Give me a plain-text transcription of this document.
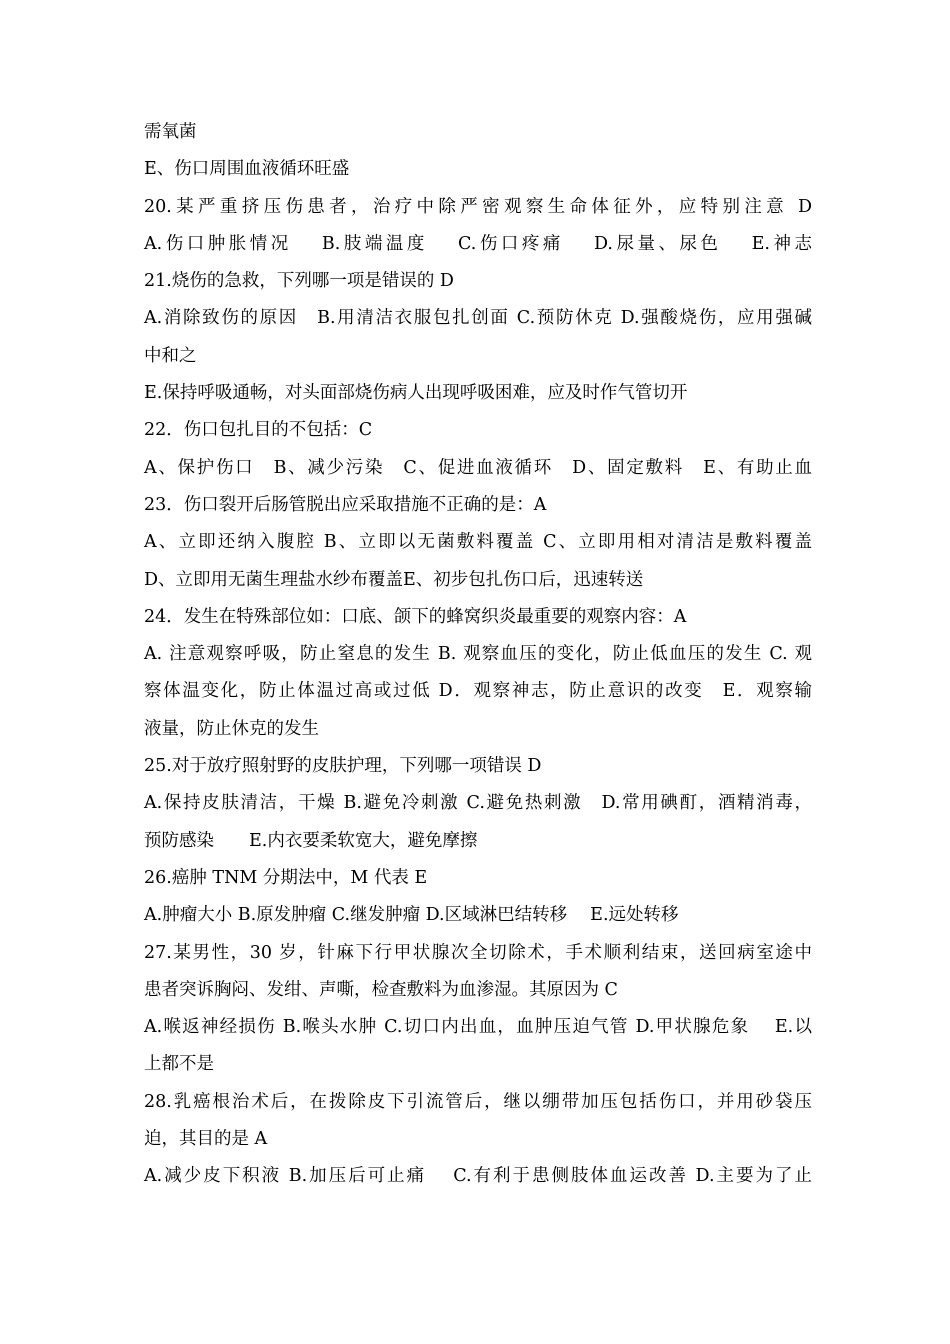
需氧菌
E、伤口周围血液循环旺盛
20.某严重挤压伤患者，治疗中除严密观察生命体征外，应特别注意 D
A.伤口肿胀情况　 B.肢端温度　 C.伤口疼痛　 D.尿量、尿色　 E.神志
21.烧伤的急救，下列哪一项是错误的 D
A.消除致伤的原因　B.用清洁衣服包扎创面 C.预防休克 D.强酸烧伤，应用强碱
中和之
E.保持呼吸通畅，对头面部烧伤病人出现呼吸困难，应及时作气管切开
22．伤口包扎目的不包括：C
A、保护伤口　B、减少污染　C、促进血液循环　D、固定敷料　E、有助止血
23．伤口裂开后肠管脱出应采取措施不正确的是：A
A、立即还纳入腹腔 B、立即以无菌敷料覆盖 C、立即用相对清洁是敷料覆盖
D、立即用无菌生理盐水纱布覆盖E、初步包扎伤口后，迅速转送
24．发生在特殊部位如：口底、颌下的蜂窝织炎最重要的观察内容：A
A. 注意观察呼吸，防止窒息的发生 B. 观察血压的变化，防止低血压的发生 C. 观
察体温变化，防止体温过高或过低 D．观察神志，防止意识的改变　E．观察输
液量，防止休克的发生
25.对于放疗照射野的皮肤护理，下列哪一项错误 D
A.保持皮肤清洁，干燥 B.避免冷刺激 C.避免热刺激　D.常用碘酊，酒精消毒，
预防感染　　E.内衣要柔软宽大，避免摩擦
26.癌肿 TNM 分期法中，M 代表 E
A.肿瘤大小 B.原发肿瘤 C.继发肿瘤 D.区域淋巴结转移　 E.远处转移
27.某男性，30 岁，针麻下行甲状腺次全切除术，手术顺利结束，送回病室途中
患者突诉胸闷、发绀、声嘶，检查敷料为血渗湿。其原因为 C
A.喉返神经损伤 B.喉头水肿 C.切口内出血，血肿压迫气管 D.甲状腺危象　 E.以
上都不是
28.乳癌根治术后，在拨除皮下引流管后，继以绷带加压包括伤口，并用砂袋压
迫，其目的是 A
A.减少皮下积液 B.加压后可止痛　 C.有利于患侧肢体血运改善 D.主要为了止
